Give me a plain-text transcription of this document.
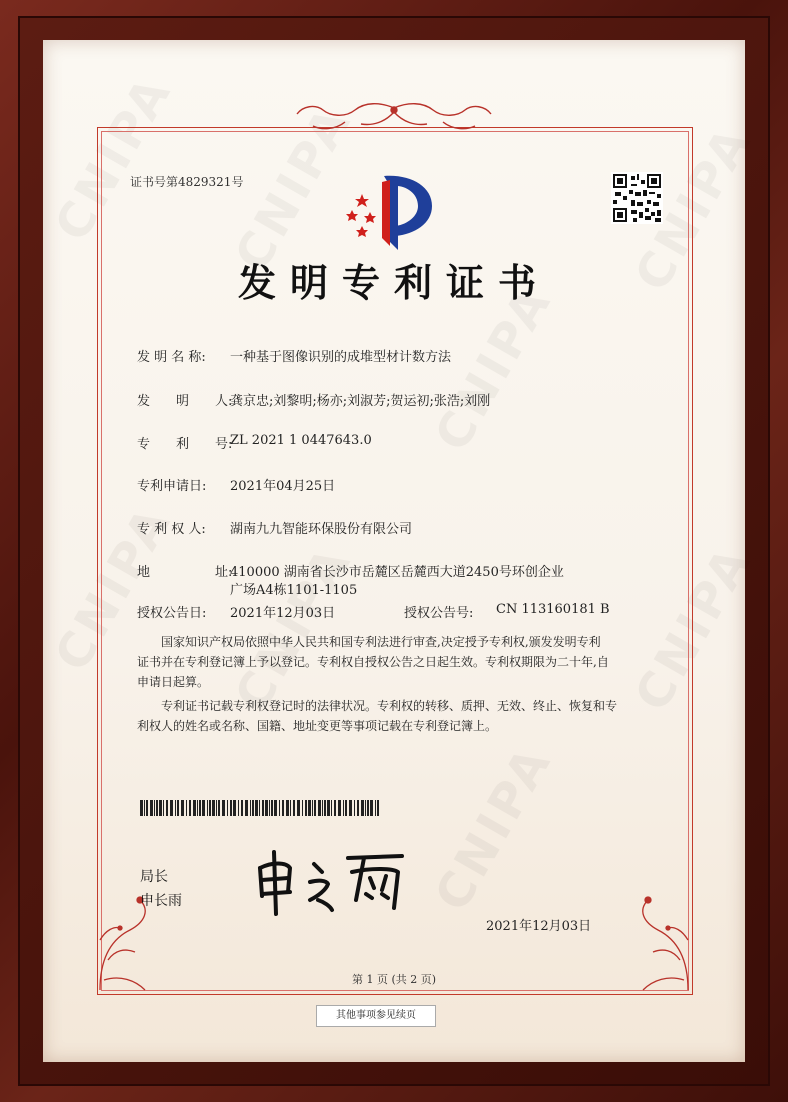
证书号第4829321号
发明专利证书
发 明 名 称: 一种基于图像识别的成堆型材计数方法
发　　明　　人:
龚京忠;刘黎明;杨亦;刘淑芳;贺运初;张浩;刘刚
专　　利　　号:
ZL 2021 1 0447643.0
专利申请日: 2021年04月25日
专 利 权 人: 湖南九九智能环保股份有限公司
地　　　　　址:
410000 湖南省长沙市岳麓区岳麓西大道2450号环创企业
广场A4栋1101-1105
授权公告日: 2021年12月03日	授权公告号: CN 113160181 B
国家知识产权局依照中华人民共和国专利法进行审查,决定授予专利权,颁发发明专利
证书并在专利登记簿上予以登记。专利权自授权公告之日起生效。专利权期限为二十年,自
申请日起算。
专利证书记载专利权登记时的法律状况。专利权的转移、质押、无效、终止、恢复和专
利权人的姓名或名称、国籍、地址变更等事项记载在专利登记簿上。
局长
申长雨
2021年12月03日
第 1 页 (共 2 页)
其他事项参见续页
